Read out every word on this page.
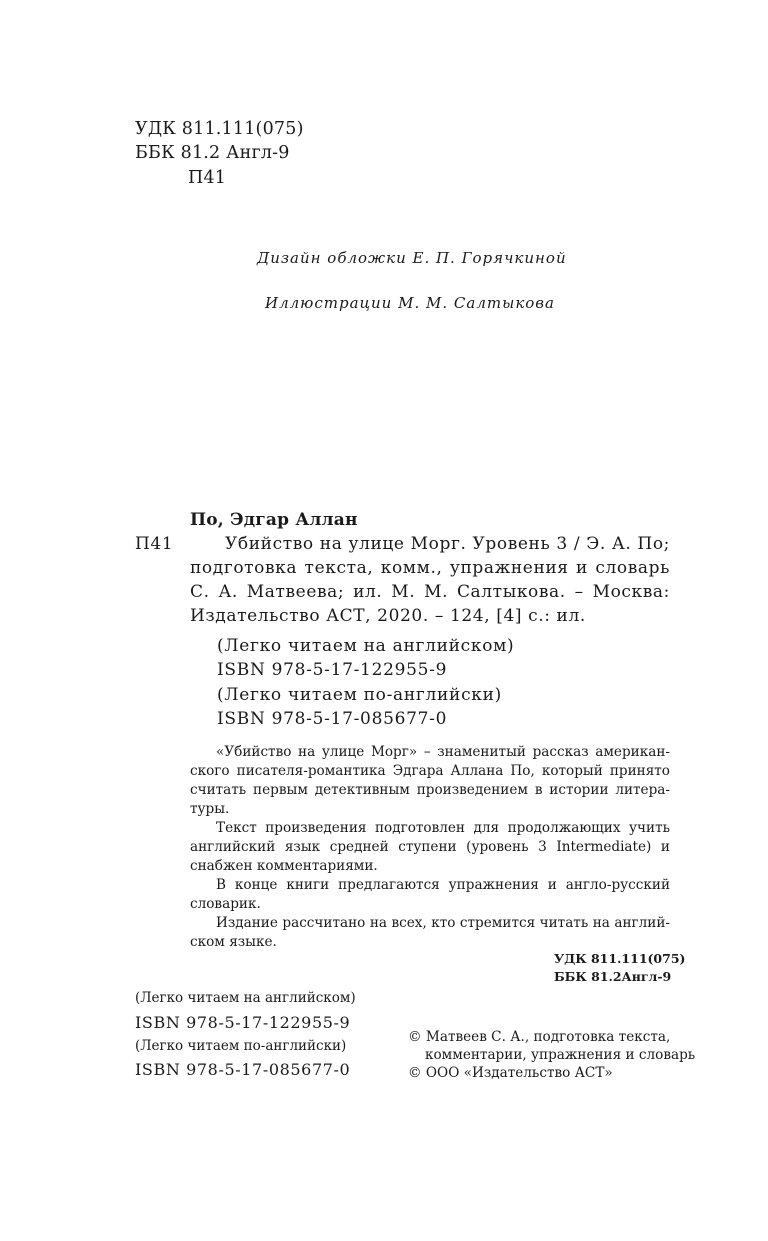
УДК 811.111(075)
ББК 81.2 Англ-9
П41
Дизайн обложки Е. П. Горячкиной
Иллюстрации М. М. Салтыкова
По, Эдгар Аллан
П41	Убийство на улице Морг. Уровень 3 / Э. А. По;
подготовка текста, комм., упражнения и словарь
С. А. Матвеева; ил. М. М. Салтыкова. – Москва:
Издательство АСТ, 2020. – 124, [4] с.: ил.
(Легко читаем на английском)
ISBN 978-5-17-122955-9
(Легко читаем по-английски)
ISBN 978-5-17-085677-0
«Убийство на улице Морг» – знаменитый рассказ американ-
ского писателя-романтика Эдгара Аллана По, который принято
считать первым детективным произведением в истории литера-
туры.
Текст произведения подготовлен для продолжающих учить
английский язык средней ступени (уровень 3 Intermediate) и
снабжен комментариями.
В конце книги предлагаются упражнения и англо-русский
словарик.
Издание рассчитано на всех, кто стремится читать на англий-
ском языке.
УДК 811.111(075)
ББК 81.2Англ-9
(Легко читаем на английском)
ISBN 978-5-17-122955-9
(Легко читаем по-английски)
ISBN 978-5-17-085677-0
© Матвеев С. А., подготовка текста,
комментарии, упражнения и словарь
© ООО «Издательство АСТ»
